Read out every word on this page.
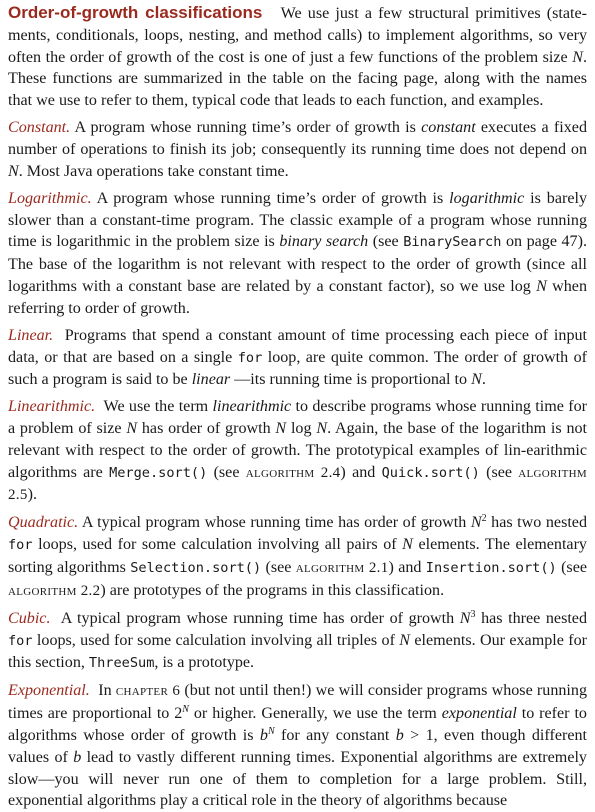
Order-of-growth classifications We use just a few structural primitives (state-ments, conditionals, loops, nesting, and method calls) to implement algorithms, so very often the order of growth of the cost is one of just a few functions of the problem size N. These functions are summarized in the table on the facing page, along with the names that we use to refer to them, typical code that leads to each function, and examples.

Constant. A program whose running time’s order of growth is constant executes a fixed number of operations to finish its job; consequently its running time does not depend on N. Most Java operations take constant time.

Logarithmic. A program whose running time’s order of growth is logarithmic is barely slower than a constant-time program. The classic example of a program whose running time is logarithmic in the problem size is binary search (see BinarySearch on page 47). The base of the logarithm is not relevant with respect to the order of growth (since all logarithms with a constant base are related by a constant factor), so we use log N when referring to order of growth.

Linear. Programs that spend a constant amount of time processing each piece of input data, or that are based on a single for loop, are quite common. The order of growth of such a program is said to be linear —its running time is proportional to N.

Linearithmic. We use the term linearithmic to describe programs whose running time for a problem of size N has order of growth N log N. Again, the base of the logarithm is not relevant with respect to the order of growth. The prototypical examples of lin-earithmic algorithms are Merge.sort() (see algorithm 2.4) and Quick.sort() (see algorithm 2.5).

Quadratic. A typical program whose running time has order of growth $N^2$ has two nested for loops, used for some calculation involving all pairs of N elements. The elementary sorting algorithms Selection.sort() (see algorithm 2.1) and Insertion.sort() (see algorithm 2.2) are prototypes of the programs in this classification.

Cubic. A typical program whose running time has order of growth $N^3$ has three nested for loops, used for some calculation involving all triples of N elements. Our example for this section, ThreeSum, is a prototype.

Exponential. In chapter 6 (but not until then!) we will consider programs whose running times are proportional to $2^N$ or higher. Generally, we use the term exponential to refer to algorithms whose order of growth is $b^N$ for any constant b > 1, even though different values of b lead to vastly different running times. Exponential algorithms are extremely slow—you will never run one of them to completion for a large problem. Still, exponential algorithms play a critical role in the theory of algorithms because
